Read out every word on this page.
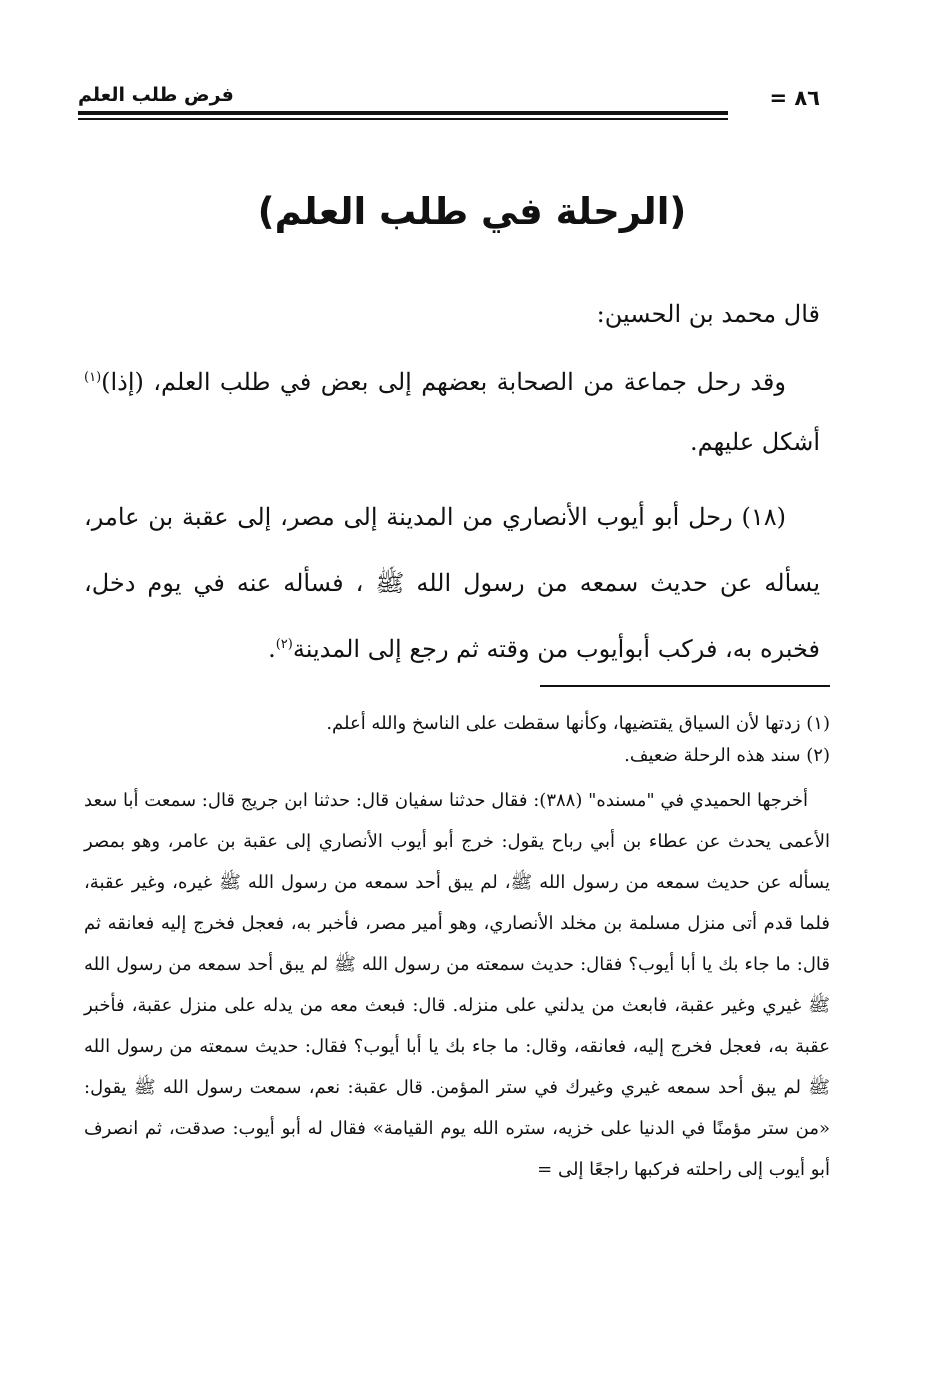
فرض طلب العلم	٨٦ =
(الرحلة في طلب العلم)

قال محمد بن الحسين:

وقد رحل جماعة من الصحابة بعضهم إلى بعض في طلب العلم، (إذا)$^{(١)}$ أشكل عليهم.

(١٨) رحل أبو أيوب الأنصاري من المدينة إلى مصر، إلى عقبة بن عامر، يسأله عن حديث سمعه من رسول الله ﷺ ، فسأله عنه في يوم دخل، فخبره به، فركب أبوأيوب من وقته ثم رجع إلى المدينة$^{(٢)}$.

(١) زدتها لأن السياق يقتضيها، وكأنها سقطت على الناسخ والله أعلم.

(٢) سند هذه الرحلة ضعيف.

أخرجها الحميدي في "مسنده" (٣٨٨): فقال حدثنا سفيان قال: حدثنا ابن جريج قال: سمعت أبا سعد الأعمى يحدث عن عطاء بن أبي رباح يقول: خرج أبو أيوب الأنصاري إلى عقبة بن عامر، وهو بمصر يسأله عن حديث سمعه من رسول الله ﷺ، لم يبق أحد سمعه من رسول الله ﷺ غيره، وغير عقبة، فلما قدم أتى منزل مسلمة بن مخلد الأنصاري، وهو أمير مصر، فأخبر به، فعجل فخرج إليه فعانقه ثم قال: ما جاء بك يا أبا أيوب؟ فقال: حديث سمعته من رسول الله ﷺ لم يبق أحد سمعه من رسول الله ﷺ غيري وغير عقبة، فابعث من يدلني على منزله. قال: فبعث معه من يدله على منزل عقبة، فأخبر عقبة به، فعجل فخرج إليه، فعانقه، وقال: ما جاء بك يا أبا أيوب؟ فقال: حديث سمعته من رسول الله ﷺ لم يبق أحد سمعه غيري وغيرك في ستر المؤمن. قال عقبة: نعم، سمعت رسول الله ﷺ يقول: «من ستر مؤمنًا في الدنيا على خزيه، ستره الله يوم القيامة» فقال له أبو أيوب: صدقت، ثم انصرف أبو أيوب إلى راحلته فركبها راجعًا إلى =
